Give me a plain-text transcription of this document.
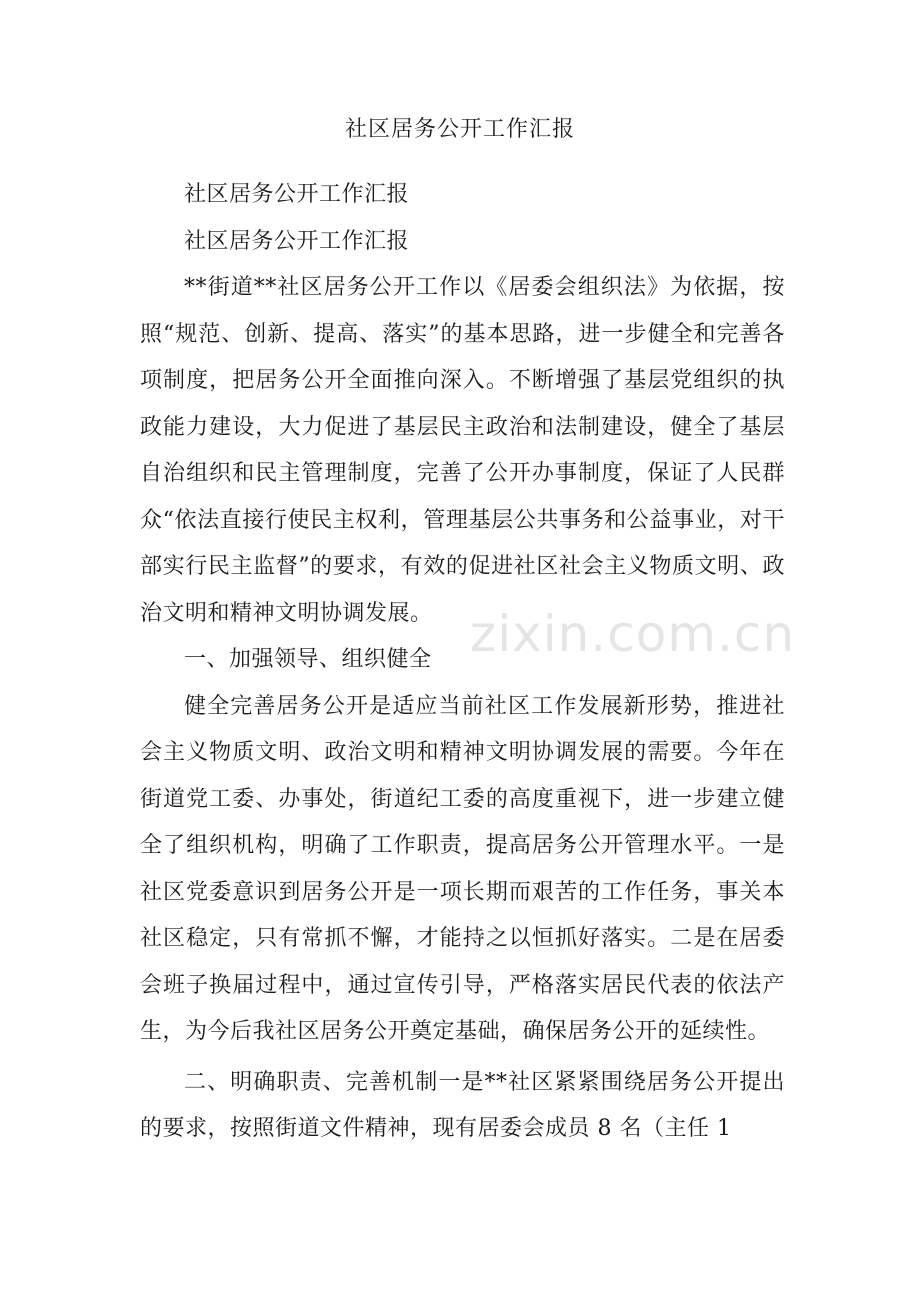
社区居务公开工作汇报

社区居务公开工作汇报

社区居务公开工作汇报

**街道**社区居务公开工作以《居委会组织法》为依据，按照“规范、创新、提高、落实”的基本思路，进一步健全和完善各项制度，把居务公开全面推向深入。不断增强了基层党组织的执政能力建设，大力促进了基层民主政治和法制建设，健全了基层自治组织和民主管理制度，完善了公开办事制度，保证了人民群众“依法直接行使民主权利，管理基层公共事务和公益事业，对干部实行民主监督”的要求，有效的促进社区社会主义物质文明、政治文明和精神文明协调发展。

一、加强领导、组织健全

健全完善居务公开是适应当前社区工作发展新形势，推进社会主义物质文明、政治文明和精神文明协调发展的需要。今年在街道党工委、办事处，街道纪工委的高度重视下，进一步建立健全了组织机构，明确了工作职责，提高居务公开管理水平。一是社区党委意识到居务公开是一项长期而艰苦的工作任务，事关本社区稳定，只有常抓不懈，才能持之以恒抓好落实。二是在居委会班子换届过程中，通过宣传引导，严格落实居民代表的依法产生，为今后我社区居务公开奠定基础，确保居务公开的延续性。

二、明确职责、完善机制一是**社区紧紧围绕居务公开提出的要求，按照街道文件精神，现有居委会成员 8 名（主任 1

zixin.com.cn
